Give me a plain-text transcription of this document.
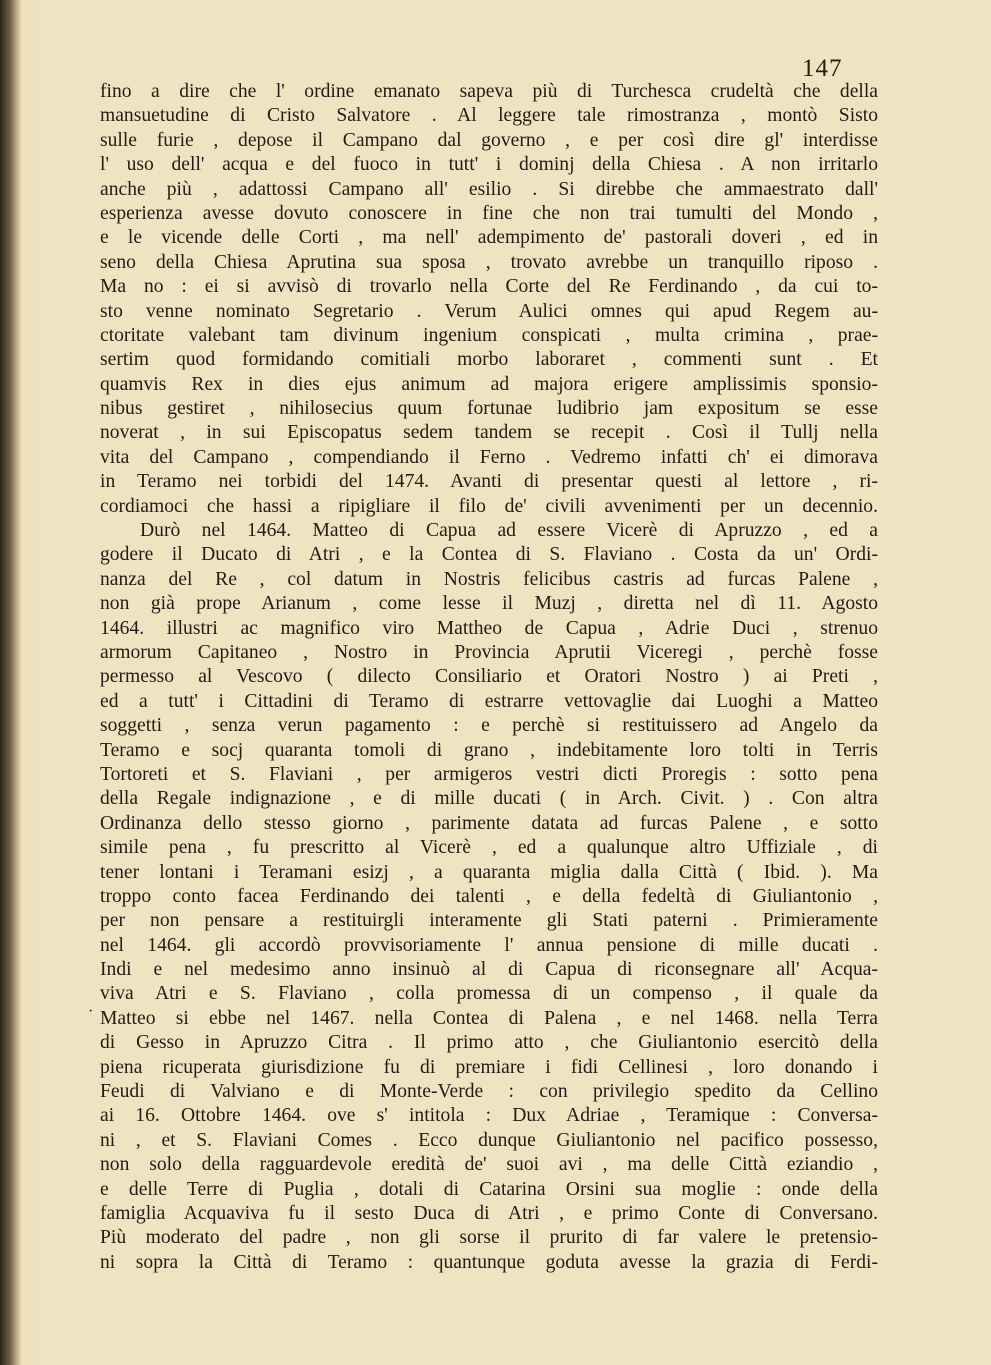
147
·
fino a dire che l' ordine emanato sapeva più di Turchesca crudeltà che della
mansuetudine di Cristo Salvatore . Al leggere tale rimostranza , montò Sisto
sulle furie , depose il Campano dal governo , e per così dire gl' interdisse
l' uso dell' acqua e del fuoco in tutt' i dominj della Chiesa . A non irritarlo
anche più , adattossi Campano all' esilio . Si direbbe che ammaestrato dall'
esperienza avesse dovuto conoscere in fine che non trai tumulti del Mondo ,
e le vicende delle Corti , ma nell' adempimento de' pastorali doveri , ed in
seno della Chiesa Aprutina sua sposa , trovato avrebbe un tranquillo riposo .
Ma no : ei si avvisò di trovarlo nella Corte del Re Ferdinando , da cui to-
sto venne nominato Segretario . Verum Aulici omnes qui apud Regem au-
ctoritate valebant tam divinum ingenium conspicati , multa crimina , prae-
sertim quod formidando comitiali morbo laboraret , commenti sunt . Et
quamvis Rex in dies ejus animum ad majora erigere amplissimis sponsio-
nibus gestiret , nihilosecius quum fortunae ludibrio jam expositum se esse
noverat , in sui Episcopatus sedem tandem se recepit . Così il Tullj nella
vita del Campano , compendiando il Ferno . Vedremo infatti ch' ei dimorava
in Teramo nei torbidi del 1474. Avanti di presentar questi al lettore , ri-
cordiamoci che hassi a ripigliare il filo de' civili avvenimenti per un decennio.
Durò nel 1464. Matteo di Capua ad essere Vicerè di Apruzzo , ed a
godere il Ducato di Atri , e la Contea di S. Flaviano . Costa da un' Ordi-
nanza del Re , col datum in Nostris felicibus castris ad furcas Palene ,
non già prope Arianum , come lesse il Muzj , diretta nel dì 11. Agosto
1464. illustri ac magnifico viro Mattheo de Capua , Adrie Duci , strenuo
armorum Capitaneo , Nostro in Provincia Aprutii Viceregi , perchè fosse
permesso al Vescovo ( dilecto Consiliario et Oratori Nostro ) ai Preti ,
ed a tutt' i Cittadini di Teramo di estrarre vettovaglie dai Luoghi a Matteo
soggetti , senza verun pagamento : e perchè si restituissero ad Angelo da
Teramo e socj quaranta tomoli di grano , indebitamente loro tolti in Terris
Tortoreti et S. Flaviani , per armigeros vestri dicti Proregis : sotto pena
della Regale indignazione , e di mille ducati ( in Arch. Civit. ) . Con altra
Ordinanza dello stesso giorno , parimente datata ad furcas Palene , e sotto
simile pena , fu prescritto al Vicerè , ed a qualunque altro Uffiziale , di
tener lontani i Teramani esizj , a quaranta miglia dalla Città ( Ibid. ). Ma
troppo conto facea Ferdinando dei talenti , e della fedeltà di Giuliantonio ,
per non pensare a restituirgli interamente gli Stati paterni . Primieramente
nel 1464. gli accordò provvisoriamente l' annua pensione di mille ducati .
Indi e nel medesimo anno insinuò al di Capua di riconsegnare all' Acqua-
viva Atri e S. Flaviano , colla promessa di un compenso , il quale da
Matteo si ebbe nel 1467. nella Contea di Palena , e nel 1468. nella Terra
di Gesso in Apruzzo Citra . Il primo atto , che Giuliantonio esercitò della
piena ricuperata giurisdizione fu di premiare i fidi Cellinesi , loro donando i
Feudi di Valviano e di Monte-Verde : con privilegio spedito da Cellino
ai 16. Ottobre 1464. ove s' intitola : Dux Adriae , Teramique : Conversa-
ni , et S. Flaviani Comes . Ecco dunque Giuliantonio nel pacifico possesso,
non solo della ragguardevole eredità de' suoi avi , ma delle Città eziandio ,
e delle Terre di Puglia , dotali di Catarina Orsini sua moglie : onde della
famiglia Acquaviva fu il sesto Duca di Atri , e primo Conte di Conversano.
Più moderato del padre , non gli sorse il prurito di far valere le pretensio-
ni sopra la Città di Teramo : quantunque goduta avesse la grazia di Ferdi-
